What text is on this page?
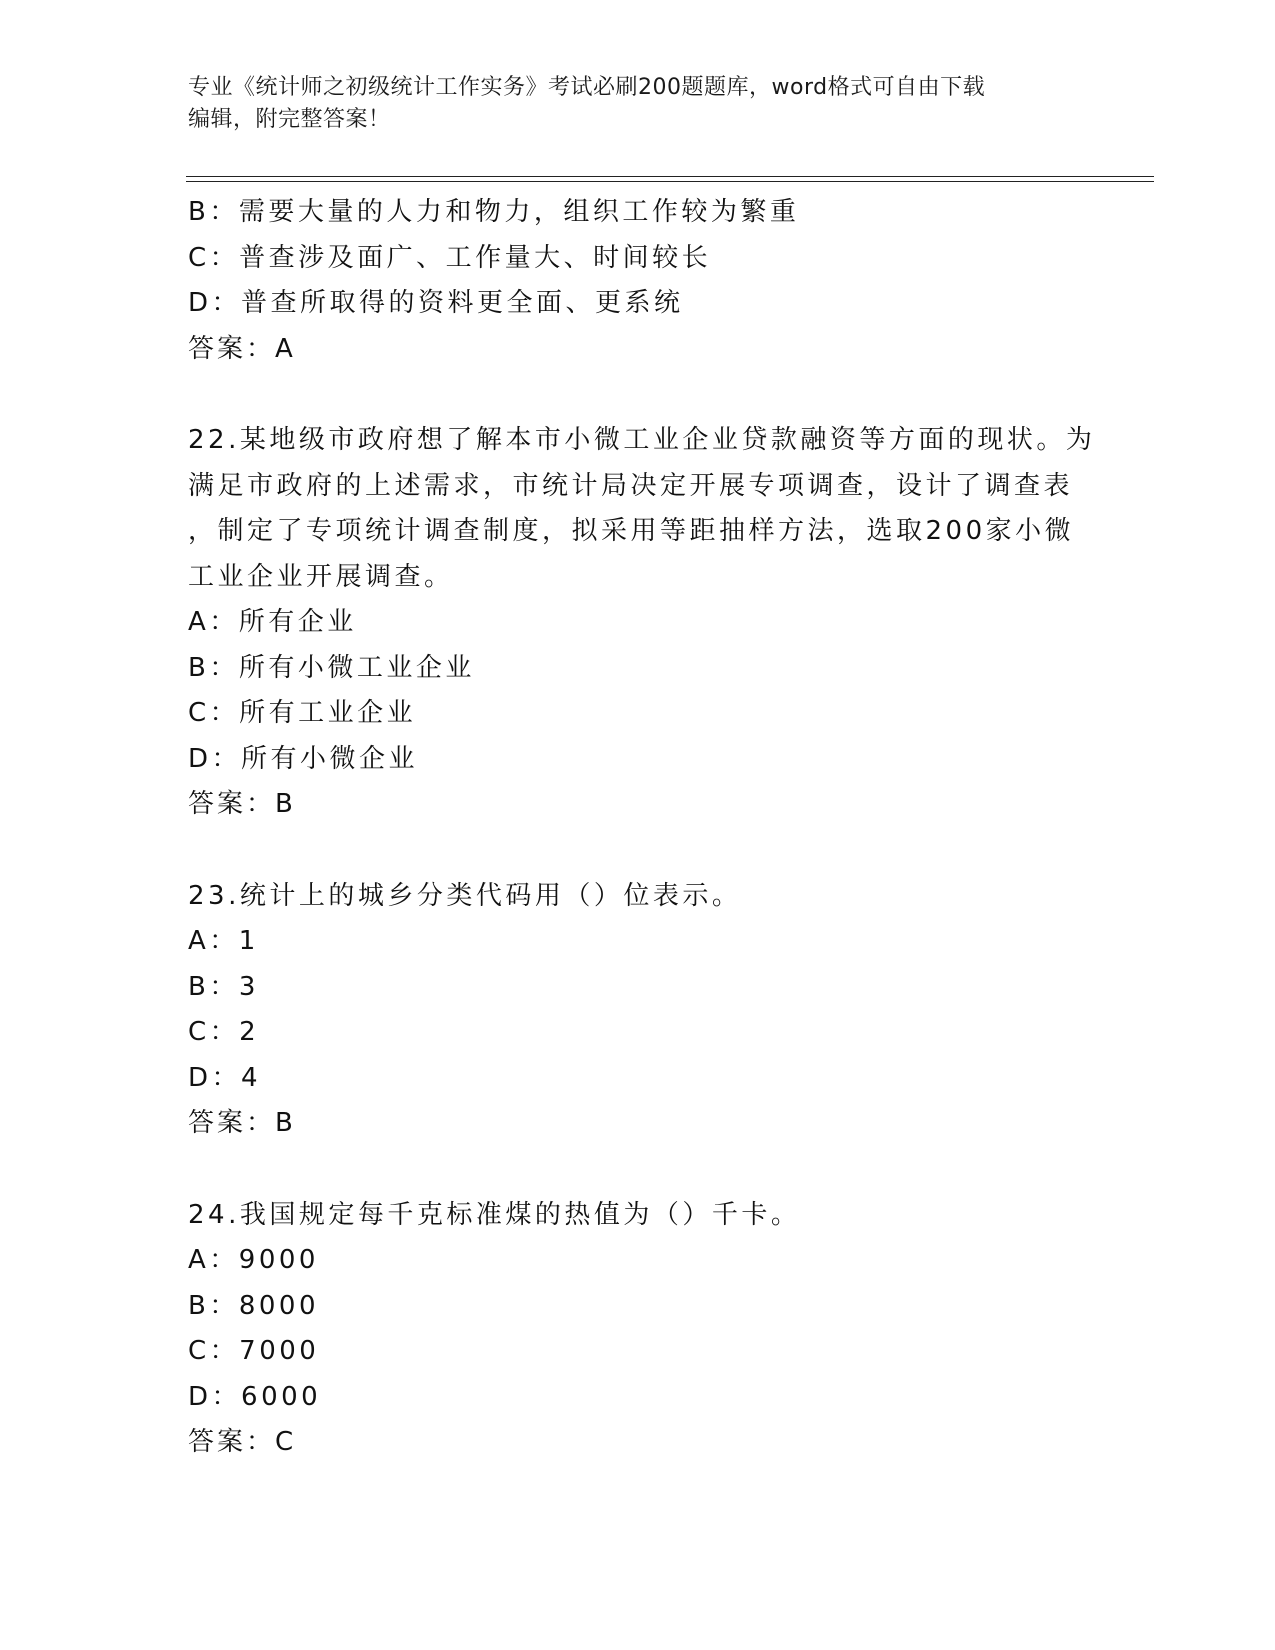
专业《统计师之初级统计工作实务》考试必刷200题题库，word格式可自由下载
编辑，附完整答案！
B：需要大量的人力和物力，组织工作较为繁重
C：普查涉及面广、工作量大、时间较长
D：普查所取得的资料更全面、更系统
答案：A
22.某地级市政府想了解本市小微工业企业贷款融资等方面的现状。为
满足市政府的上述需求，市统计局决定开展专项调查，设计了调查表
，制定了专项统计调查制度，拟采用等距抽样方法，选取200家小微
工业企业开展调查。
A：所有企业
B：所有小微工业企业
C：所有工业企业
D：所有小微企业
答案：B
23.统计上的城乡分类代码用（）位表示。
A：1
B：3
C：2
D：4
答案：B
24.我国规定每千克标准煤的热值为（）千卡。
A：9000
B：8000
C：7000
D：6000
答案：C
